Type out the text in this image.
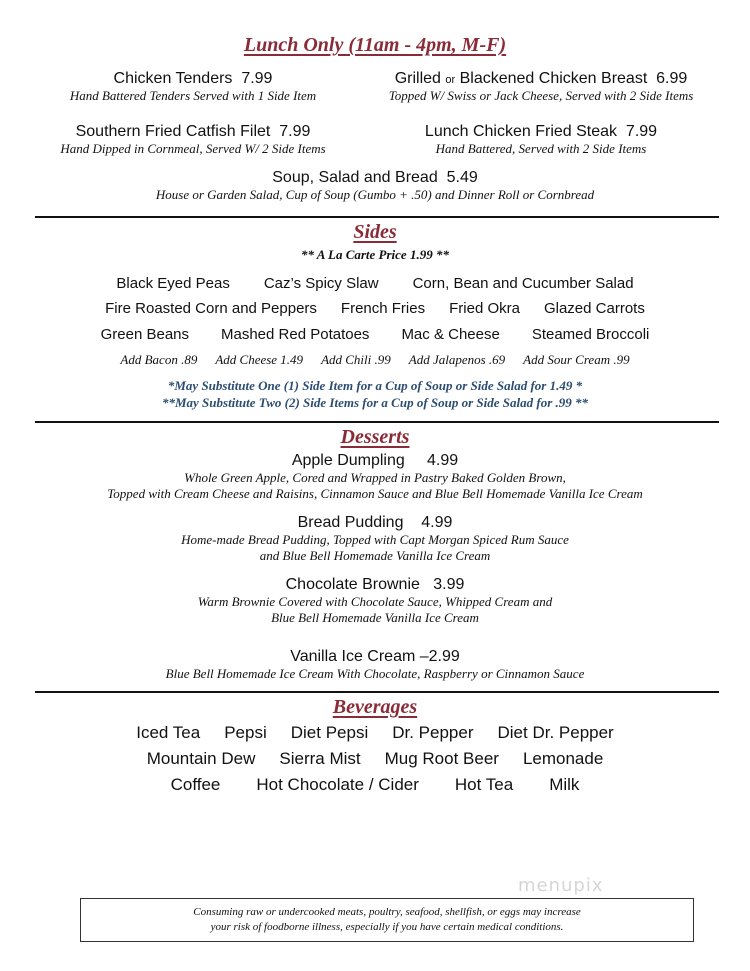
Lunch Only (11am - 4pm, M-F)
Chicken Tenders 7.99
Hand Battered Tenders Served with 1 Side Item
Grilled or Blackened Chicken Breast 6.99
Topped W/ Swiss or Jack Cheese, Served with 2 Side Items
Southern Fried Catfish Filet 7.99
Hand Dipped in Cornmeal, Served W/ 2 Side Items
Lunch Chicken Fried Steak 7.99
Hand Battered, Served with 2 Side Items
Soup, Salad and Bread 5.49
House or Garden Salad, Cup of Soup (Gumbo + .50) and Dinner Roll or Cornbread
Sides
** A La Carte Price 1.99 **
Black Eyed Peas Caz’s Spicy Slaw Corn, Bean and Cucumber Salad
Fire Roasted Corn and Peppers French Fries Fried Okra Glazed Carrots
Green Beans Mashed Red Potatoes Mac & Cheese Steamed Broccoli
Add Bacon .89 Add Cheese 1.49 Add Chili .99 Add Jalapenos .69 Add Sour Cream .99
*May Substitute One (1) Side Item for a Cup of Soup or Side Salad for 1.49 *
**May Substitute Two (2) Side Items for a Cup of Soup or Side Salad for .99 **
Desserts
Apple Dumpling 4.99
Whole Green Apple, Cored and Wrapped in Pastry Baked Golden Brown,
Topped with Cream Cheese and Raisins, Cinnamon Sauce and Blue Bell Homemade Vanilla Ice Cream
Bread Pudding 4.99
Home-made Bread Pudding, Topped with Capt Morgan Spiced Rum Sauce
and Blue Bell Homemade Vanilla Ice Cream
Chocolate Brownie 3.99
Warm Brownie Covered with Chocolate Sauce, Whipped Cream and
Blue Bell Homemade Vanilla Ice Cream
Vanilla Ice Cream –2.99
Blue Bell Homemade Ice Cream With Chocolate, Raspberry or Cinnamon Sauce
Beverages
Iced Tea Pepsi Diet Pepsi Dr. Pepper Diet Dr. Pepper
Mountain Dew Sierra Mist Mug Root Beer Lemonade
Coffee Hot Chocolate / Cider Hot Tea Milk
menupix
Consuming raw or undercooked meats, poultry, seafood, shellfish, or eggs may increase
your risk of foodborne illness, especially if you have certain medical conditions.
